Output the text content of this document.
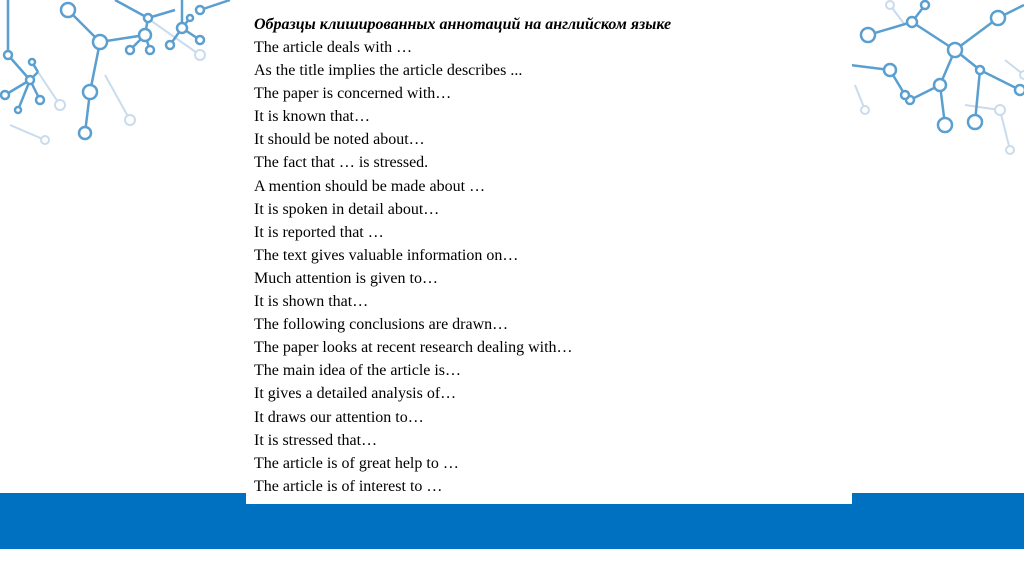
Образцы клишированных аннотаций на английском языке

The article deals with …
As the title implies the article describes ...
The paper is concerned with…
It is known that…
It should be noted about…
The fact that … is stressed.
A mention should be made about …
It is spoken in detail about…
It is reported that …
The text gives valuable information on…
Much attention is given to…
It is shown that…
The following conclusions are drawn…
The paper looks at recent research dealing with…
The main idea of the article is…
It gives a detailed analysis of…
It draws our attention to…
It is stressed that…
The article is of great help to …
The article is of interest to …
